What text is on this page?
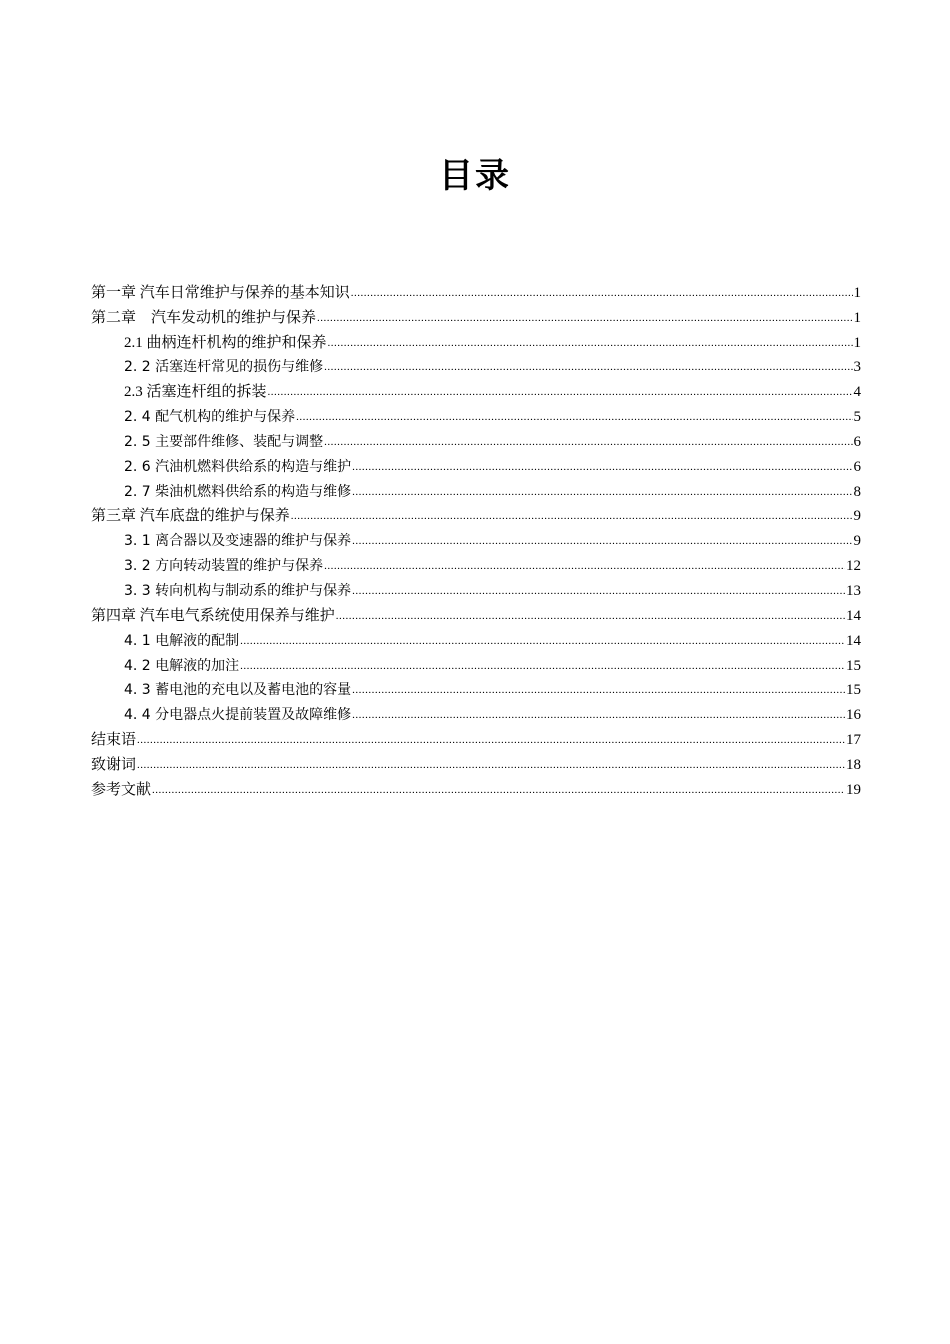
目录
第一章 汽车日常维护与保养的基本知识 .....	1
第二章　汽车发动机的维护与保养 .....	1
2.1 曲柄连杆机构的维护和保养 .....	1
2. 2 活塞连杆常见的损伤与维修 .....	3
2.3 活塞连杆组的拆装 .....	4
2. 4 配气机构的维护与保养 .....	5
2. 5 主要部件维修、装配与调整 .....	6
2. 6 汽油机燃料供给系的构造与维护 .....	6
2. 7 柴油机燃料供给系的构造与维修 .....	8
第三章 汽车底盘的维护与保养 .....	9
3. 1 离合器以及变速器的维护与保养 .....	9
3. 2 方向转动装置的维护与保养 .....	12
3. 3 转向机构与制动系的维护与保养 .....	13
第四章 汽车电气系统使用保养与维护 .....	14
4. 1 电解液的配制 .....	14
4. 2 电解液的加注 .....	15
4. 3 蓄电池的充电以及蓄电池的容量 .....	15
4. 4 分电器点火提前装置及故障维修 .....	16
结束语 .....	17
致谢词 .....	18
参考文献 .....	19
